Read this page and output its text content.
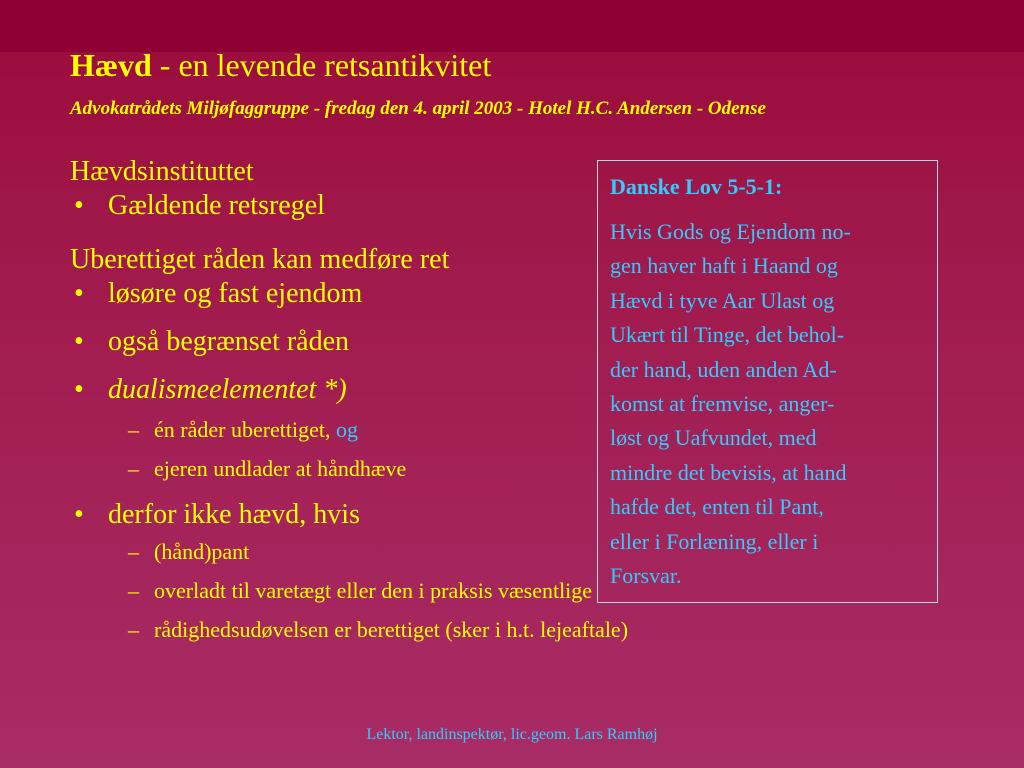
Hævd - en levende retsantikvitet
Advokatrådets Miljøfaggruppe - fredag den 4. april 2003 - Hotel H.C. Andersen - Odense
Hævdsinstituttet
• Gældende retsregel
Uberettiget råden kan medføre ret
• løsøre og fast ejendom
• også begrænset råden
• dualismeelementet *)
– én råder uberettiget, og
– ejeren undlader at håndhæve
• derfor ikke hævd, hvis
– (hånd)pant
– overladt til varetægt eller den i praksis væsentlige
– rådighedsudøvelsen er berettiget (sker i h.t. lejeaftale)
Danske Lov 5-5-1:
Hvis Gods og Ejendom no-
gen haver haft i Haand og
Hævd i tyve Aar Ulast og
Ukært til Tinge, det behol-
der hand, uden anden Ad-
komst at fremvise, anger-
løst og Uafvundet, med
mindre det bevisis, at hand
hafde det, enten til Pant,
eller i Forlæning, eller i
Forsvar.
Lektor, landinspektør, lic.geom. Lars Ramhøj
